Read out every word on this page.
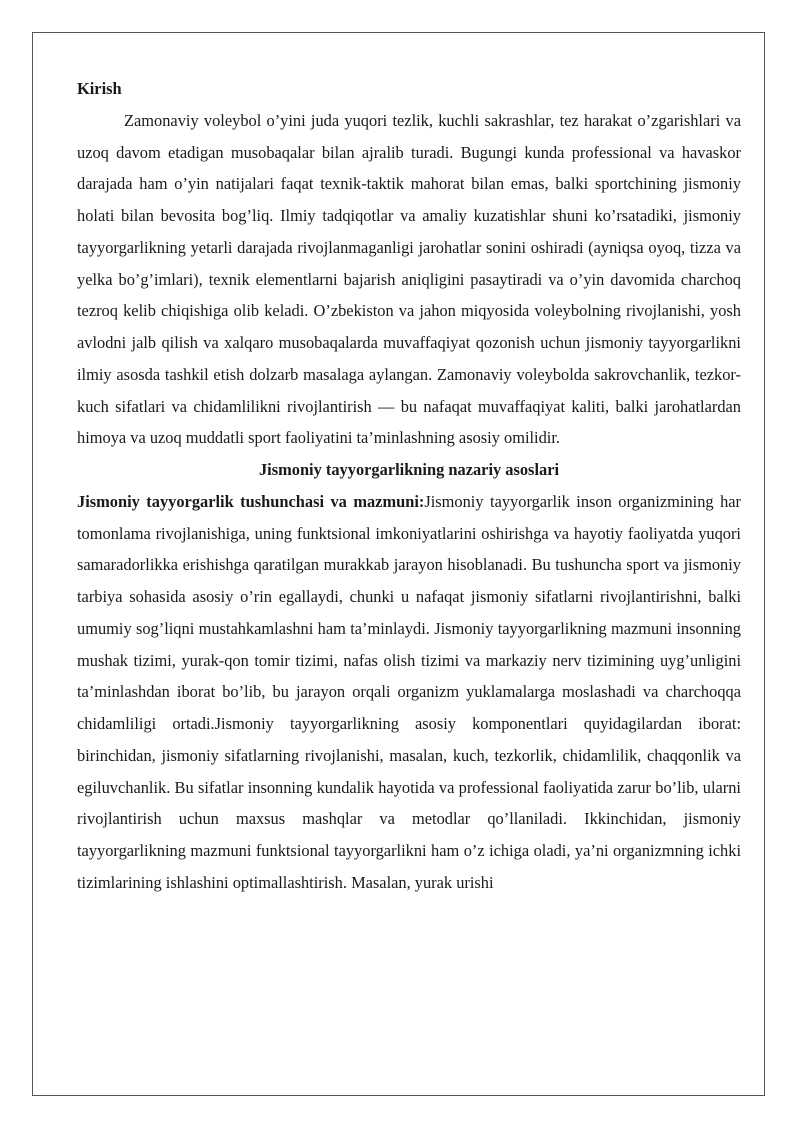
Kirish

Zamonaviy voleybol o’yini juda yuqori tezlik, kuchli sakrashlar, tez harakat o’zgarishlari va uzoq davom etadigan musobaqalar bilan ajralib turadi. Bugungi kunda professional va havaskor darajada ham o’yin natijalari faqat texnik-taktik mahorat bilan emas, balki sportchining jismoniy holati bilan bevosita bog’liq. Ilmiy tadqiqotlar va amaliy kuzatishlar shuni ko’rsatadiki, jismoniy tayyorgarlikning yetarli darajada rivojlanmaganligi jarohatlar sonini oshiradi (ayniqsa oyoq, tizza va yelka bo’g’imlari), texnik elementlarni bajarish aniqligini pasaytiradi va o’yin davomida charchoq tezroq kelib chiqishiga olib keladi. O’zbekiston va jahon miqyosida voleybolning rivojlanishi, yosh avlodni jalb qilish va xalqaro musobaqalarda muvaffaqiyat qozonish uchun jismoniy tayyorgarlikni ilmiy asosda tashkil etish dolzarb masalaga aylangan. Zamonaviy voleybolda sakrovchanlik, tezkor-kuch sifatlari va chidamlilikni rivojlantirish — bu nafaqat muvaffaqiyat kaliti, balki jarohatlardan himoya va uzoq muddatli sport faoliyatini ta’minlashning asosiy omilidir.

Jismoniy tayyorgarlikning nazariy asoslari

Jismoniy tayyorgarlik tushunchasi va mazmuni:Jismoniy tayyorgarlik inson organizmining har tomonlama rivojlanishiga, uning funktsional imkoniyatlarini oshirishga va hayotiy faoliyatda yuqori samaradorlikka erishishga qaratilgan murakkab jarayon hisoblanadi. Bu tushuncha sport va jismoniy tarbiya sohasida asosiy o’rin egallaydi, chunki u nafaqat jismoniy sifatlarni rivojlantirishni, balki umumiy sog’liqni mustahkamlashni ham ta’minlaydi. Jismoniy tayyorgarlikning mazmuni insonning mushak tizimi, yurak-qon tomir tizimi, nafas olish tizimi va markaziy nerv tizimining uyg’unligini ta’minlashdan iborat bo’lib, bu jarayon orqali organizm yuklamalarga moslashadi va charchoqqa chidamliligi ortadi.Jismoniy tayyorgarlikning asosiy komponentlari quyidagilardan iborat: birinchidan, jismoniy sifatlarning rivojlanishi, masalan, kuch, tezkorlik, chidamlilik, chaqqonlik va egiluvchanlik. Bu sifatlar insonning kundalik hayotida va professional faoliyatida zarur bo’lib, ularni rivojlantirish uchun maxsus mashqlar va metodlar qo’llaniladi. Ikkinchidan, jismoniy tayyorgarlikning mazmuni funktsional tayyorgarlikni ham o’z ichiga oladi, ya’ni organizmning ichki tizimlarining ishlashini optimallashtirish. Masalan, yurak urishi
